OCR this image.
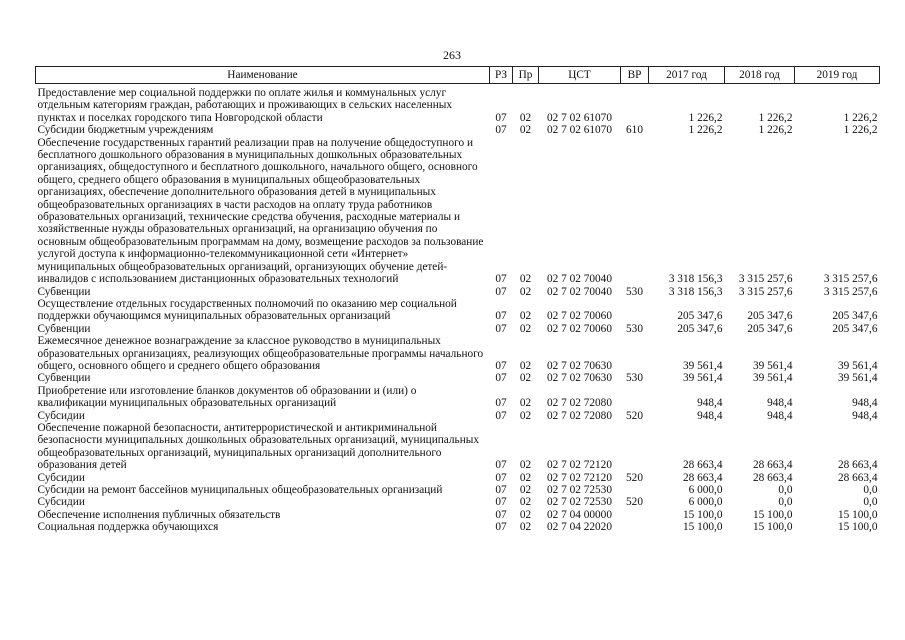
263
Наименование	РЗ	Пр	ЦСТ	ВР	2017 год	2018 год	2019 год
Предоставление мер социальной поддержки по оплате жилья и коммунальных услуг отдельным категориям граждан, работающих и проживающих в сельских населенных пунктах и поселках городского типа Новгородской области	07	02	02 7 02 61070		1 226,2	1 226,2	1 226,2
Субсидии бюджетным учреждениям	07	02	02 7 02 61070	610	1 226,2	1 226,2	1 226,2
Обеспечение государственных гарантий реализации прав на получение общедоступного и бесплатного дошкольного образования в муниципальных дошкольных образовательных организациях, общедоступного и бесплатного дошкольного, начального общего, основного общего, среднего общего образования в муниципальных общеобразовательных организациях, обеспечение дополнительного образования детей в муниципальных общеобразовательных организациях в части расходов на оплату труда работников образовательных организаций, технические средства обучения, расходные материалы и хозяйственные нужды образовательных организаций, на организацию обучения по основным общеобразовательным программам на дому, возмещение расходов за пользование услугой доступа к информационно-телекоммуникационной сети «Интернет» муниципальных общеобразовательных организаций, организующих обучение детей-инвалидов с использованием дистанционных образовательных технологий	07	02	02 7 02 70040		3 318 156,3	3 315 257,6	3 315 257,6
Субвенции	07	02	02 7 02 70040	530	3 318 156,3	3 315 257,6	3 315 257,6
Осуществление отдельных государственных полномочий по оказанию мер социальной поддержки обучающимся муниципальных образовательных организаций	07	02	02 7 02 70060		205 347,6	205 347,6	205 347,6
Субвенции	07	02	02 7 02 70060	530	205 347,6	205 347,6	205 347,6
Ежемесячное денежное вознаграждение за классное руководство в муниципальных образовательных организациях, реализующих общеобразовательные программы начального общего, основного общего и среднего общего образования	07	02	02 7 02 70630		39 561,4	39 561,4	39 561,4
Субвенции	07	02	02 7 02 70630	530	39 561,4	39 561,4	39 561,4
Приобретение или изготовление бланков документов об образовании и (или) о квалификации муниципальных образовательных организаций	07	02	02 7 02 72080		948,4	948,4	948,4
Субсидии	07	02	02 7 02 72080	520	948,4	948,4	948,4
Обеспечение пожарной безопасности, антитеррористической и антикриминальной безопасности муниципальных дошкольных образовательных организаций, муниципальных общеобразовательных организаций, муниципальных организаций дополнительного образования детей	07	02	02 7 02 72120		28 663,4	28 663,4	28 663,4
Субсидии	07	02	02 7 02 72120	520	28 663,4	28 663,4	28 663,4
Субсидии на ремонт бассейнов муниципальных общеобразовательных организаций	07	02	02 7 02 72530		6 000,0	0,0	0,0
Субсидии	07	02	02 7 02 72530	520	6 000,0	0,0	0,0
Обеспечение исполнения публичных обязательств	07	02	02 7 04 00000		15 100,0	15 100,0	15 100,0
Социальная поддержка обучающихся	07	02	02 7 04 22020		15 100,0	15 100,0	15 100,0
